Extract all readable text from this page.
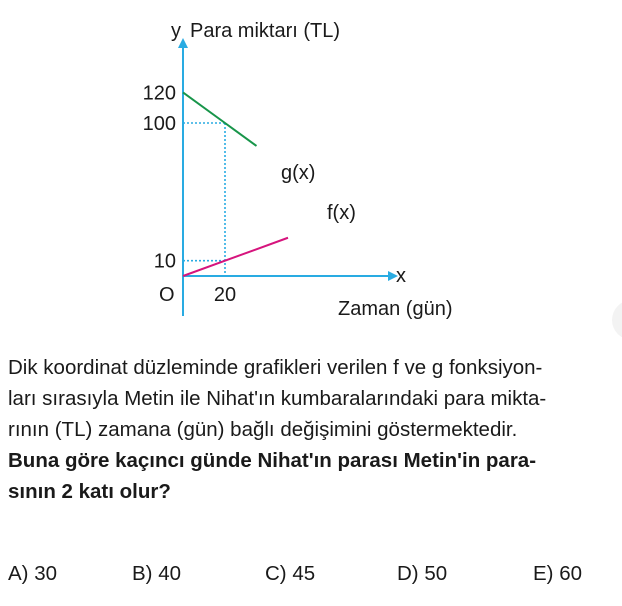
y Para miktarı (TL)
x
Zaman (gün)
O
10
100
120
20
g(x)
f(x)

Dik koordinat düzleminde grafikleri verilen f ve g fonksiyon-

ları sırasıyla Metin ile Nihat'ın kumbaralarındaki para mikta-

rının (TL) zamana (gün) bağlı değişimini göstermektedir.

Buna göre kaçıncı günde Nihat'ın parası Metin'in para-

sının 2 katı olur?

A) 30	B) 40	C) 45	D) 50	E) 60
